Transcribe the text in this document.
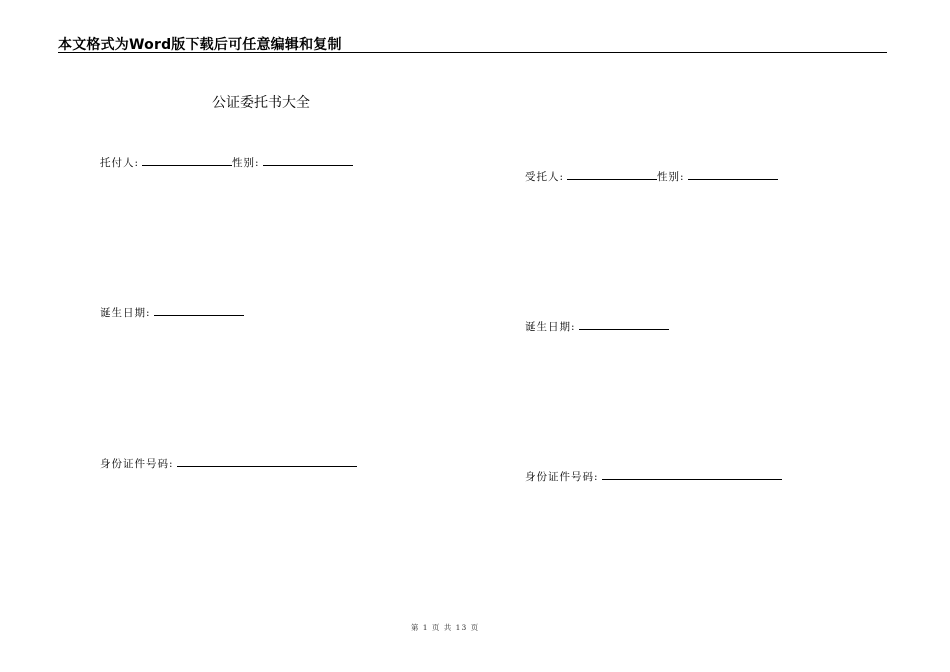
本文格式为Word版下载后可任意编辑和复制
公证委托书大全
托付人:	性别:
诞生日期:
身份证件号码:
受托人:	性别:
诞生日期:
身份证件号码:
第 1 页 共 13 页
